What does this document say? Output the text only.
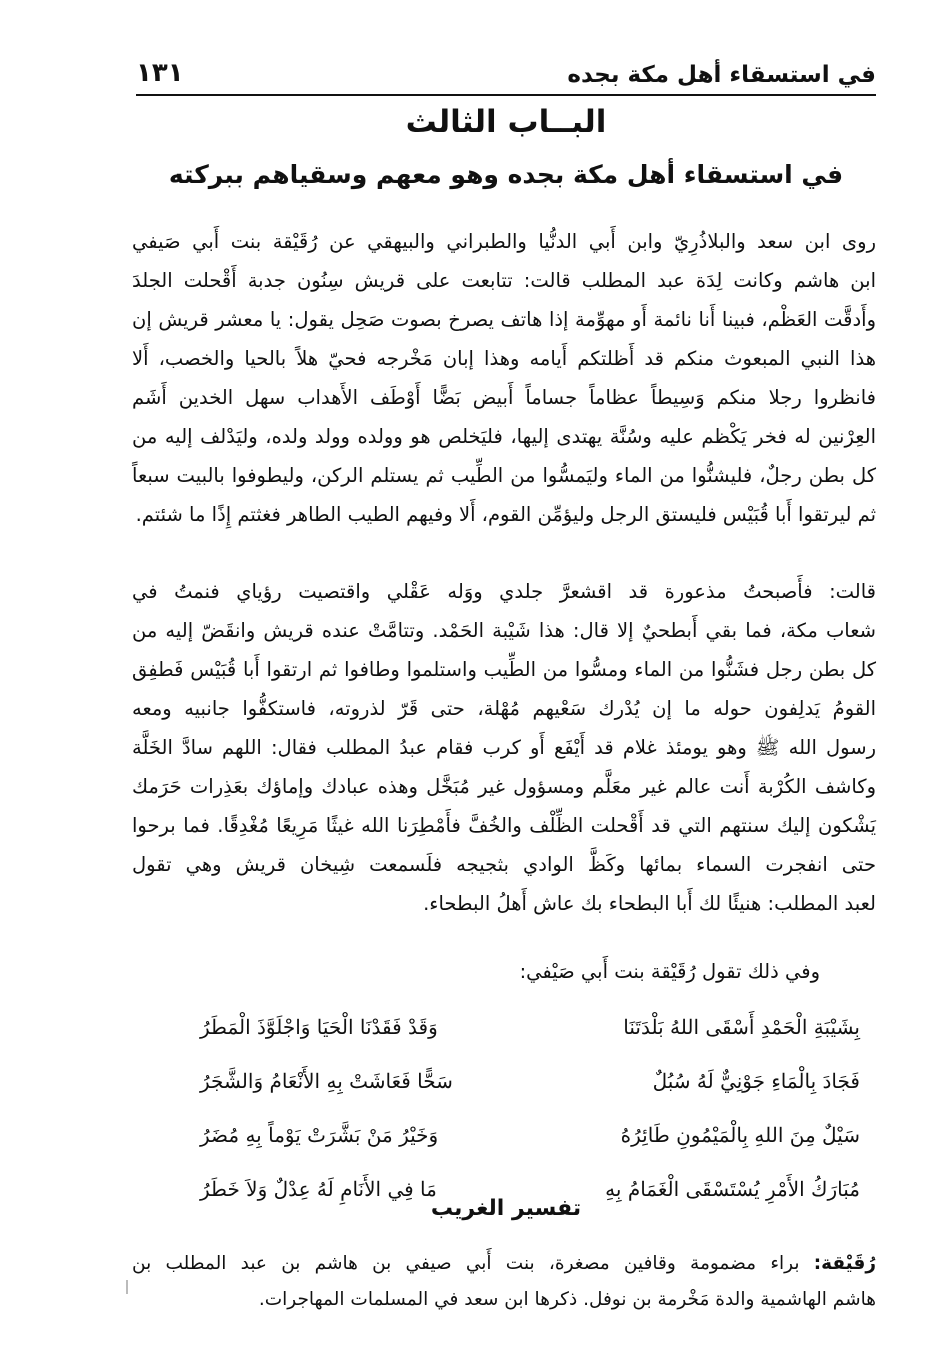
في استسقاء أهل مكة بجده
١٣١
البــاب الثالث
في استسقاء أهل مكة بجده وهو معهم وسقياهم ببركته

روى ابن سعد والبلاذُرِيّ وابن أَبي الدنُّيا والطبراني والبيهقي عن رُقَيْقة بنت أَبي صَيفي
ابن هاشم وكانت لِدَة عبد المطلب قالت: تتابعت على قريش سِنُون جدبة أَقْحلت الجلدَ
وأَدقَّت العَظْم، فبينا أَنا نائمة أَو مهوِّمة إذا هاتف يصرخ بصوت صَحِل يقول: يا معشر قريش إن
هذا النبي المبعوث منكم قد أَظلتكم أَيامه وهذا إبان مَخْرجه فحيّ هلاً بالحيا والخصب، أَلا
فانظروا رجلا منكم وَسِيطاً عظاماً جساماً أَبيض بَضًّا أَوْطَف الأَهداب سهل الخدين أَشَم
العِرْنين له فخر يَكْظم عليه وسُنَّة يهتدى إليها، فليَخلص هو وولده وولد ولده، وليَدْلف إليه من
كل بطن رجلٌ، فليشنُّوا من الماء وليَمسُّوا من الطِّيب ثم يستلم الركن، وليطوفوا بالبيت سبعاً
ثم ليرتقوا أَبا قُبَيْس فليستق الرجل وليؤمِّن القوم، أَلا وفيهم الطيب الطاهر فغثتم إِذًا ما شئتم.

قالت: فأَصبحتُ مذعورة قد اقشعرَّ جلدي ووَله عَقْلي واقتصيت رؤياي فنمتُ في
شعاب مكة، فما بقي أَبطحيٌ إلا قال: هذا شَيْبة الحَمْد. وتتامَّتْ عنده قريش وانقَضّ إليه من
كل بطن رجل فشَنُّوا من الماء ومسُّوا من الطِّيب واستلموا وطافوا ثم ارتقوا أَبا قُبَيْس فَطفِق
القومُ يَدلِفون حوله ما إن يُدْرك سَعْيهم مُهْلة، حتى قَرّ لذروته، فاستكفُّوا جانبيه ومعه
رسول الله ﷺ وهو يومئذ غلام قد أَيْفَع أَو كرب فقام عبدُ المطلب فقال: اللهم سادَّ الخَلَّة
وكاشف الكُرْبة أَنت عالم غير معَلَّم ومسؤول غير مُبَخَّل وهذه عبادك وإماؤك بعَذِرات حَرَمك
يَشْكون إليك سنتهم التي قد أَقْحلت الظِّلْف والخُفَّ فأَمْطِرَنا الله غيثًا مَرِيعًا مُغْدِقًا. فما برحوا
حتى انفجرت السماء بمائها وكَظَّ الوادي بثجيجه فلَسمعت شِيخان قريش وهي تقول
لعبد المطلب: هنيئًا لك أَبا البطحاء بك عاش أَهلُ البطحاء.

وفي ذلك تقول رُقَيْقة بنت أَبي صَيْفي:
بِشَيْبَةِ الْحَمْدِ أَسْقَى اللهُ بَلْدَتَنَا
وَقَدْ فَقَدْنَا الْحَيَا وَاجْلَوَّذَ الْمَطَرُ
فَجَادَ بِالْمَاءِ جَوْنِيٌّ لَهُ سُبُلٌ
سَحًّا فَعَاشَتْ بِهِ الأَنْعَامُ وَالشَّجَرُ
سَيْلٌ مِنَ اللهِ بِالْمَيْمُونِ طَائِرُهُ
وَخَيْرُ مَنْ بَشَّرَتْ يَوْماً بِهِ مُضَرُ
مُبَارَكُ الأَمْرِ يُسْتَسْقَى الْغَمَامُ بِهِ
مَا فِي الأَنَامِ لَهُ عِدْلٌ وَلاَ خَطَرُ
تفسير الغريب

رُقَيْقة: براء مضمومة وقافين مصغرة، بنت أَبي صيفي بن هاشم بن عبد المطلب بن
هاشم الهاشمية والدة مَخْرمة بن نوفل. ذكرها ابن سعد في المسلمات المهاجرات.
